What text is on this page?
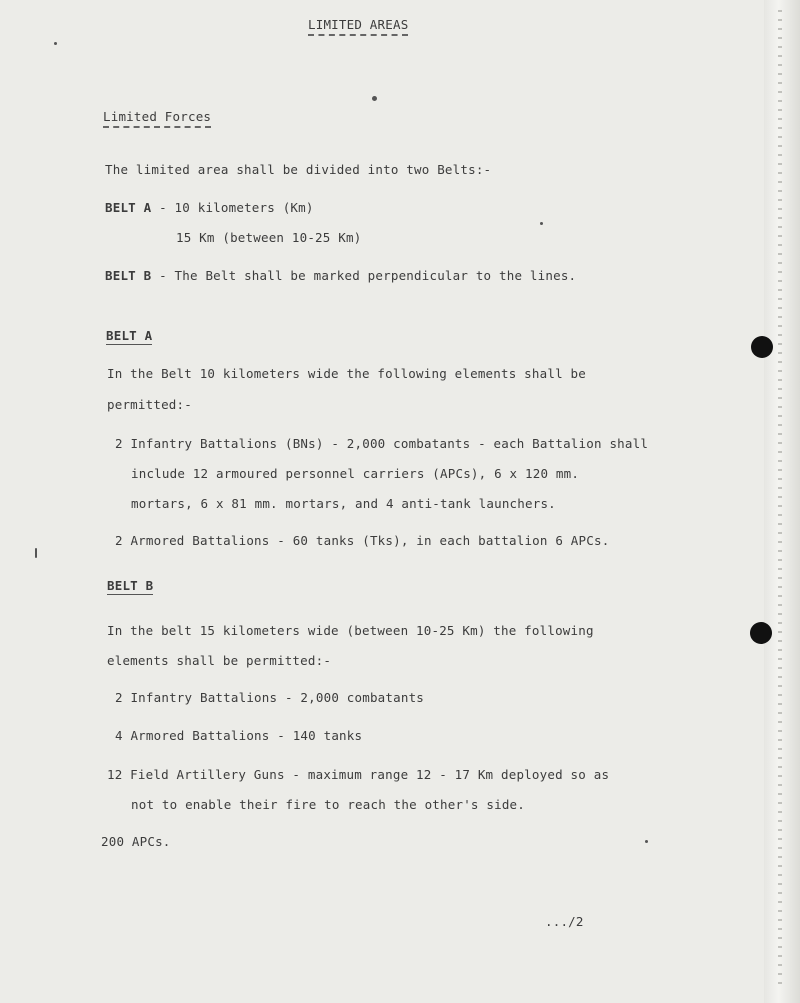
LIMITED AREAS
Limited Forces
The limited area shall be divided into two Belts:-
BELT A - 10 kilometers (Km)
15 Km (between 10-25 Km)
BELT B - The Belt shall be marked perpendicular to the lines.
BELT A
In the Belt 10 kilometers wide the following elements shall be
permitted:-
2 Infantry Battalions (BNs) - 2,000 combatants - each Battalion shall
include 12 armoured personnel carriers (APCs), 6 x 120 mm.
mortars, 6 x 81 mm. mortars, and 4 anti-tank launchers.
2 Armored Battalions - 60 tanks (Tks), in each battalion 6 APCs.
BELT B
In the belt 15 kilometers wide (between 10-25 Km) the following
elements shall be permitted:-
2 Infantry Battalions - 2,000 combatants
4 Armored Battalions - 140 tanks
12 Field Artillery Guns - maximum range 12 - 17 Km deployed so as
not to enable their fire to reach the other's side.
200 APCs.
.../2
